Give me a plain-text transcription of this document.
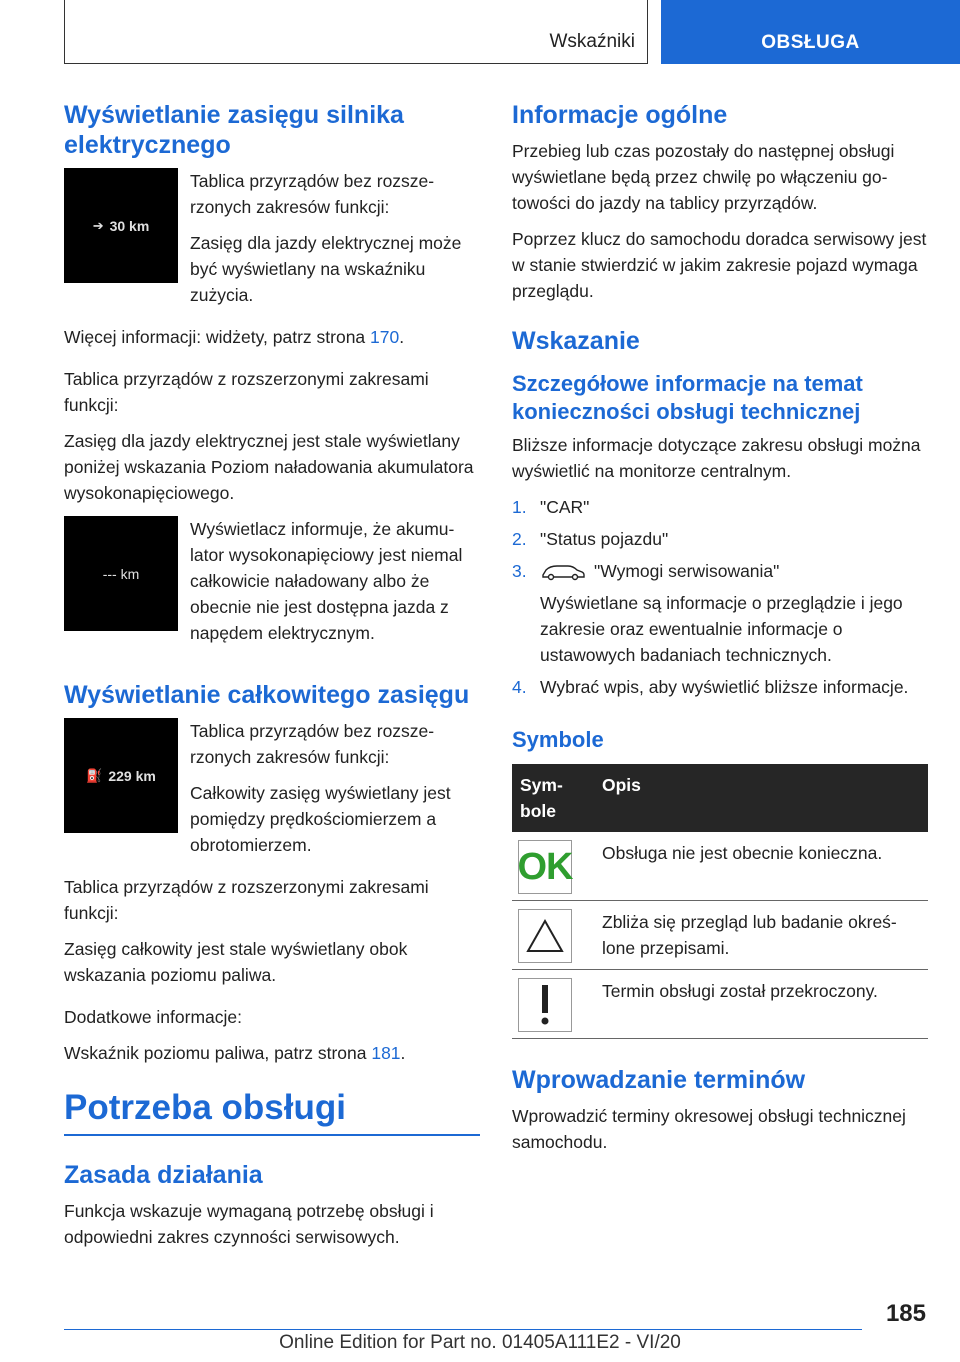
Wskaźniki	OBSŁUGA
Wyświetlanie zasięgu silnika elektrycznego
➔ 30 km

Tablica przyrządów bez rozszerzonych zakresów funkcji:

Zasięg dla jazdy elektrycznej może być wyświetlany na wskaźniku zużycia.

Więcej informacji: widżety, patrz strona 170.

Tablica przyrządów z rozszerzonymi zakresami funkcji:

Zasięg dla jazdy elektrycznej jest stale wyświetlany poniżej wskazania Poziom naładowania akumulatora wysokonapięciowego.

--- km

Wyświetlacz informuje, że akumulator wysokonapięciowy jest niemal całkowicie naładowany albo że obecnie nie jest dostępna jazda z napędem elektrycznym.

Wyświetlanie całkowitego zasięgu
⛽ 229 km

Tablica przyrządów bez rozszerzonych zakresów funkcji:

Całkowity zasięg wyświetlany jest pomiędzy prędkościomierzem a obrotomierzem.

Tablica przyrządów z rozszerzonymi zakresami funkcji:

Zasięg całkowity jest stale wyświetlany obok wskazania poziomu paliwa.

Dodatkowe informacje:

Wskaźnik poziomu paliwa, patrz strona 181.

Potrzeba obsługi
Zasada działania

Funkcja wskazuje wymaganą potrzebę obsługi i odpowiedni zakres czynności serwisowych.

Informacje ogólne

Przebieg lub czas pozostały do następnej obsługi wyświetlane będą przez chwilę po włączeniu gotowości do jazdy na tablicy przyrządów.

Poprzez klucz do samochodu doradca serwisowy jest w stanie stwierdzić w jakim zakresie pojazd wymaga przeglądu.

Wskazanie
Szczegółowe informacje na temat konieczności obsługi technicznej

Bliższe informacje dotyczące zakresu obsługi można wyświetlić na monitorze centralnym.

1. "CAR"
2. "Status pojazdu"
3.	"Wymogi serwisowania"
Wyświetlane są informacje o przeglądzie i jego zakresie oraz ewentualnie informacje o ustawowych badaniach technicznych.
4. Wybrać wpis, aby wyświetlić bliższe informacje.
Symbole
Symbole	Opis

OK	Obsługa nie jest obecnie konieczna.

	Zbliża się przegląd lub badanie określone przepisami.

	Termin obsługi został przekroczony.
Wprowadzanie terminów

Wprowadzić terminy okresowej obsługi technicznej samochodu.

185
Online Edition for Part no. 01405A111E2 - VI/20
